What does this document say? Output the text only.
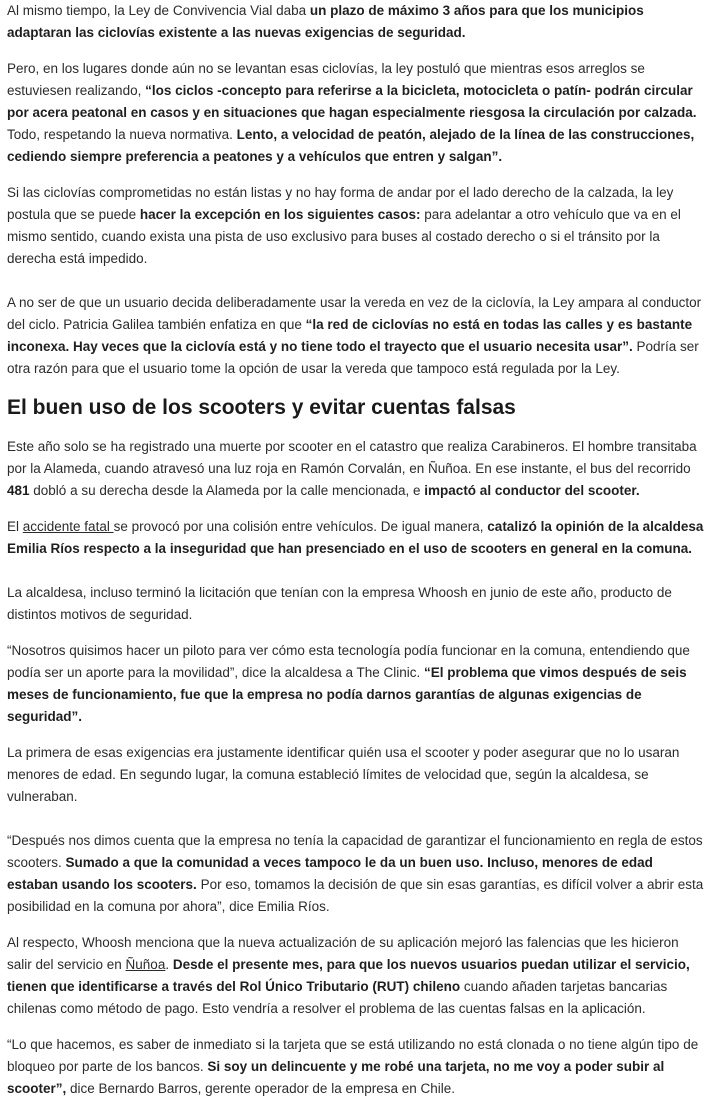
Al mismo tiempo, la Ley de Convivencia Vial daba un plazo de máximo 3 años para que los municipios adaptaran las ciclovías existente a las nuevas exigencias de seguridad.

Pero, en los lugares donde aún no se levantan esas ciclovías, la ley postuló que mientras esos arreglos se estuviesen realizando, “los ciclos -concepto para referirse a la bicicleta, motocicleta o patín- podrán circular por acera peatonal en casos y en situaciones que hagan especialmente riesgosa la circulación por calzada. Todo, respetando la nueva normativa. Lento, a velocidad de peatón, alejado de la línea de las construcciones, cediendo siempre preferencia a peatones y a vehículos que entren y salgan”.

Si las ciclovías comprometidas no están listas y no hay forma de andar por el lado derecho de la calzada, la ley postula que se puede hacer la excepción en los siguientes casos: para adelantar a otro vehículo que va en el mismo sentido, cuando exista una pista de uso exclusivo para buses al costado derecho o si el tránsito por la derecha está impedido.

A no ser de que un usuario decida deliberadamente usar la vereda en vez de la ciclovía, la Ley ampara al conductor del ciclo. Patricia Galilea también enfatiza en que “la red de ciclovías no está en todas las calles y es bastante inconexa. Hay veces que la ciclovía está y no tiene todo el trayecto que el usuario necesita usar”. Podría ser otra razón para que el usuario tome la opción de usar la vereda que tampoco está regulada por la Ley.

El buen uso de los scooters y evitar cuentas falsas

Este año solo se ha registrado una muerte por scooter en el catastro que realiza Carabineros. El hombre transitaba por la Alameda, cuando atravesó una luz roja en Ramón Corvalán, en Ñuñoa. En ese instante, el bus del recorrido 481 dobló a su derecha desde la Alameda por la calle mencionada, e impactó al conductor del scooter.

El accidente fatal se provocó por una colisión entre vehículos. De igual manera, catalizó la opinión de la alcaldesa Emilia Ríos respecto a la inseguridad que han presenciado en el uso de scooters en general en la comuna.

La alcaldesa, incluso terminó la licitación que tenían con la empresa Whoosh en junio de este año, producto de distintos motivos de seguridad.

“Nosotros quisimos hacer un piloto para ver cómo esta tecnología podía funcionar en la comuna, entendiendo que podía ser un aporte para la movilidad”, dice la alcaldesa a The Clinic. “El problema que vimos después de seis meses de funcionamiento, fue que la empresa no podía darnos garantías de algunas exigencias de seguridad”.

La primera de esas exigencias era justamente identificar quién usa el scooter y poder asegurar que no lo usaran menores de edad. En segundo lugar, la comuna estableció límites de velocidad que, según la alcaldesa, se vulneraban.

“Después nos dimos cuenta que la empresa no tenía la capacidad de garantizar el funcionamiento en regla de estos scooters. Sumado a que la comunidad a veces tampoco le da un buen uso. Incluso, menores de edad estaban usando los scooters. Por eso, tomamos la decisión de que sin esas garantías, es difícil volver a abrir esta posibilidad en la comuna por ahora”, dice Emilia Ríos.

Al respecto, Whoosh menciona que la nueva actualización de su aplicación mejoró las falencias que les hicieron salir del servicio en Ñuñoa. Desde el presente mes, para que los nuevos usuarios puedan utilizar el servicio, tienen que identificarse a través del Rol Único Tributario (RUT) chileno cuando añaden tarjetas bancarias chilenas como método de pago. Esto vendría a resolver el problema de las cuentas falsas en la aplicación.

“Lo que hacemos, es saber de inmediato si la tarjeta que se está utilizando no está clonada o no tiene algún tipo de bloqueo por parte de los bancos. Si soy un delincuente y me robé una tarjeta, no me voy a poder subir al scooter”, dice Bernardo Barros, gerente operador de la empresa en Chile.
